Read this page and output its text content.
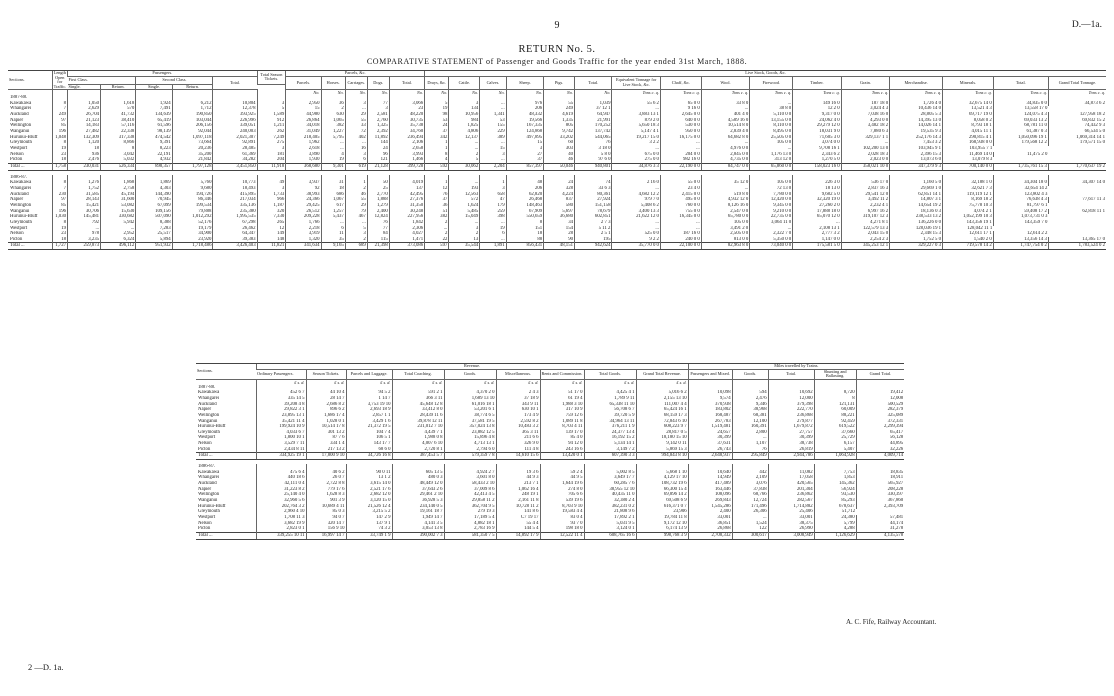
9	D.—1a.
RETURN No. 5.
COMPARATIVE STATEMENT of Passenger and Goods Traffic for the year ended 31st March, 1888.
Sections.	Length Open for Traffic.	Passengers.					Total Season Tickets.	Parcels, &c.					Live Stock, Goods, &c.															
		First Class.		Second Class.		Total.		Parcels.	Horses.	Carriages.	Dogs.	Total.	Drays, &c.	Cattle.	Calves.	Sheep.	Pigs.	Total.	Equivalent Tonnage for Live Stock, &c.	Chaff, &c.	Wool.	Firewood.	Timber.	Grain.	Merchandise.	Minerals.	Total.	Grand Total Tonnage.
		Single.	Return.	Single.	Return.																							
								No.	No.	No.	No.	No.	No.	No.	No.	No.	No.	No.	Tons c. q.	Tons c. q.	Tons c. q.	Tons c. q.	Tons c. q.	Tons c. q.	Tons c. q.	Tons c. q.	Tons c. q.	Tons c. q.
1887-88.																												
Kawakawa	8	1,050	1,618	1,924	6,212	10,804	3	2,950	36	3	77	3,066	5	3	...	976	55	1,039	55 6 2	65 0 0	33 8 0	...	149 16 0	187 18 0	1,726 4 0	32,675 14 0	34,835 0 0	34,873 6 2
Whangarei	7	2,629	570	7,491	1,712	12,378	5	15	2	...	3	23	19	134	...	206	249	37 12 1	...	9 16 0	...	38 8 0	12 2 0	3,024 4 3	10,436 14 0	13,521 4 3	13,558 17 0	
Auckland	249	26,704	41,732	134,639	190,850	393,925	1,589	44,980	630	29	2,581	48,220	98	10,956	1,341	48,332	4,619	64,947	3,883 13 1	2,645 0 0	401 4 0	5,110 0 0	9,317 0 0	7,038 16 0	28,805 5 3	69,717 19 0	124,075 4 3	127,958 18 2
Napier	97	21,123	38,410	65,419	103,044	226,996	912	26,864	1,065	55	2,760	30,735	53	984	53	19,566	1,335	21,991	879 2 0	640 0 0	4,589 16 0	13,155 0 0	24,062 4 0	4,293 0 0	14,395 13 0	8,058 0 2	69,033 13 2	69,832 15 2
Wellington	85	14,183	57,116	61,596	206,156	339,051	1,211	34,018	382	33	1,325	35,738	24	1,825	155	167,335	805	170,252	5,650 18 3	530 0 0	10,514 8 0	8,110 0 0	29,279 12 0	3,482 18 2	14,026 14 1	8,793 18 1	68,781 11 0	74,432 9 3
Wanganui	196	27,482	22,338	98,139	92,044	240,003	262	31,049	1,227	72	2,392	34,760	37	4,806	229	124,868	9,742	137,742	5,147 4 1	950 0 0	2,839 4 0	8,495 0 0	18,031 9 0	7,880 6 3	19,535 9 3	4,015 11 1	61,387 0 3	66,534 5 0
Hurunui-Bluff	1,048	132,309	317,338	474,542	1,097,118	2,021,307	7,249	218,405	5,795	402	11,892	236,494	342	12,137	389	497,895	33,202	544,065	19,217 15 0	16,175 0 0	64,682 8 0	25,505 0 0	71,605 3 0	329,137 1 1	252,176 14 3	290,815 4 1	1,050,096 19 1	1,069,314 14 1
Greymouth	8	1,120	8,866	9,391	73,664	92,891	275	1,962	...	...	144	2,106	1	...	...	15	60	76	3 2 2	...	...	105 0 0	3,074 0 0	...	7,453 3 2	168,938 0 0	179,568 12 2	179,571 15 0
Westport	19	18	8	8,223	20,236	28,485	3	2,618	...	16	24	2,658	1	...	15	3	303	3 18 0	...	...	4,976 0 0	...	9,708 16 1	102,200 13 0	103,945 9 1	103,955 7 1		
Nelson	23	936	3,042	22,191	35,200	61,369	181	3,890	4	3	96	3,993	8	2	3	27	40	5 8 0	675 0 0	204 0 0	2,845 0 0	1,176 13 0	2,343 6 2	2,028 18 3	2,396 15 3	11,469 14 0	11,475 2 0	
Picton	18	2,476	5,032	4,932	21,842	34,282	204	1,930	19	6	121	1,466	4	5	...	37	46	97 6 0	275 0 0	982 16 0	4,735 0 0	313 12 0	1,270 5 0	2,023 0 0	13,073 6 0	13,079 8 3		
Total ...	1,758	230,031	526,334	898,357	1,797,128	3,451,850	11,918	368,680	9,301	619	21,128	399,728	592	30,062	2,204	857,397	50,046	940,801	34,876 3 3	22,190 0 0	84,747 0 0	65,860 0 0	158,023 16 0	358,021 10 0	347,379 9 3	700,140 0 0	1,735,761 15 3	1,770,637 19 2

1886-87.																												
Kawakawa	8	1,276	1,868	1,869	5,760	10,773	49	3,937	31	1	50	4,019	1	...	1	48	24	74	2 16 0	55 0 0	35 12 0	105 0 0	226 3 0	536 17 0	1,160 5 0	32,188 1 0	34,304 18 0	34,307 14 0
Whangarei	7	1,752	2,758	4,303	9,680	18,493	3	92	18	2	25	137	12	193	3	206	328	33 6 3	...	23 4 0	...	72 13 0	18 13 0	2,837 16 3	29,669 1 0	32,621 7 3	32,654 14 2	
Auckland	230	31,585	45,194	144,390	194,726	415,895	1,733	38,993	686	46	2,770	42,495	76	12,563	658	62,820	4,224	80,361	4,682 12 2	2,415 0 0	519 8 0	7,780 0 0	9,682 5 0	29,541 12 0	62,851 14 1	119,119 12 1	123,802 4 3	
Napier	97	28,143	31,600	70,945	86,346	217,034	966	24,366	1,067	55	1,888	27,376	37	572	47	26,468	837	27,924	979 7 0	495 0 0	4,932 12 0	12,420 0 0	32,320 19 0	3,492 11 2	14,807 3 1	8,169 18 2	76,638 4 3	77,617 11 3
Wellington	85	15,421	53,082	67,099	199,534	335,136	1,187	29,425	617	29	1,279	31,350	36	1,624	179	148,463	580	151,158	5,408 6 2	760 0 0	8,126 16 0	9,345 0 0	27,260 2 0	2,232 4 1	14,654 19 2	75,778 10 3	81,797 6 1	
Wanganui	196	30,706	15,630	109,156	79,888	235,380	320	26,512	1,257	79	2,400	30,248	51	5,485	259	67,909	5,697	78,679	3,400 13 3	755 0 0	2,547 0 0	9,210 0 0	17,888 18 0	6,997 16 2	18,136 0 3	4,074 2 1	59,408 17 2	62,818 11 1
Hurunui-Bluff	1,030	145,481	330,682	507,090	1,012,292	1,995,535	7,330	209,228	5,437	467	12,824	227,956	382	15,049	398	550,659	36,680	602,851	21,622 12 0	16,345 0 0	65,780 0 0	22,735 0 0	65,070 12 0	319,107 12 3	238,533 13 2	1,052,199 10 3	1,073,731 0 3	
Greymouth	8	792	5,942	8,388	52,176	67,298	265	1,766	...	...	76	1,842	2	...	...	8	34	2 7 3	...	...	105 0 0	3,064 11 0	...	4,271 8 1	136,226 0 0	143,356 19 1	143,359 7 0	
Westport	19	...	...	7,283	19,179	26,462	12	2,218	6	5	77	2,306	...	3	19	151	154	5 11 2	...	...	3,491 2 0	...	2,108 13 1	122,579 13 3	128,036 19 1	128,042 11 1		
Nelson	23	978	2,952	25,517	34,900	64,347	149	3,919	11	3	84	4,027	2	2	6	18	28	2 5 1	525 0 0	187 16 0	2,505 0 0	2,322 7 0	2,777 3 2	2,043 15 0	2,348 15 3	12,611 17 1	12,614 2 2	
Picton	18	3,235	6,324	5,894	23,920	39,383	148	1,320	35	2	115	1,471	22	13	...	88	90	195	9 2 2	240 0 0	813 0 0	5,350 0 0	1,147 0 0	2,254 2 3	1,752 5 0	1,540 2 0	13,356 14 3	13,365 17 0
Total ...	1,727	259,873	496,112	951,932	1,718,486	3,426,403	11,821	341,634	9,165	689	21,398	373,086	597	35,544	1,891	856,431	48,151	942,624	35,770 0 0	22,100 0 0	82,963 8 0	73,040 0 0	175,581 5 0	345,253 12 1	329,227 0 3	719,578 14 2	1,747,754 0 2	1,783,524 0 2
Sections.	Revenue.									Miles travelled by Trains.				
	Ordinary Passengers.	Season Tickets.	Parcels and Luggage.	Total Coaching.	Goods.	Miscellaneous.	Rents and Commission.	Total Goods.	Grand Total Revenue.	Passengers and Mixed.	Goods.	Total.	Shunting and Ballasting.	Grand Total.
	£ s. d.	£ s. d.	£ s. d.	£ s. d.	£ s. d.	£ s. d.	£ s. d.	£ s. d.	£ s. d.					
1887-88.														
Kawakawa	452 6 7	44 10 4	94 5 2	591 2 1	4,370 2 0	2 4 3	51 17 0	4,425 4 1	5,016 6 2	10,098	594	10,692	8,720	19,412
Whangarei	335 14 5	28 14 7	1 14 7	366 3 11	1,689 13 10	37 18 9	61 19 4	1,789 9 11	2,155 13 10	9,574	2,476	12,000	8	12,008
Auckland	39,208 4 8	2,686 8 2	3,753 19 10	45,648 12 8	61,016 18 1	343 9 11	1,988 3 10	65,338 11 10	111,007 4 4	370,938	9,346	379,398	121,131	500,529
Napier	29,822 3 1	896 6 2	2,693 18 9	33,412 8 0	53,201 6 1	630 10 1	317 10 9	56,708 6 7	65,424 16 1	183,802	38,968	222,770	60,009	282,379
Wellington	23,895 13 1	1,686 17 4	2,857 1 1	28,439 11 6	38,774 6 5	173 4 9	759 12 6	39,720 5 9	68,159 17 3	168,487	68,381	236,868	88,221	325,089
Wanganui	35,421 11 4	1,028 0 1	3,429 1 6	39,878 12 11	37,581 19 5	2,592 8 2	1,089 11 8	34,964 13 11	72,843 6 10	267,783	12,100	279,877	92,459	372,331
Hurunui-Bluff	199,924 10 9	10,514 17 8	21,372 19 5	231,012 7 10	357,024 13 8	10,483 3 2	8,703 4 11	376,211 1 9	608,223 9 7	1,519,481	160,391	1,679,872	619,522	2,299,394
Greymouth	4,033 6 7	301 13 2	104 7 4	4,439 7 1	23,882 12 5	365 3 11	139 17 0	24,377 13 4	28,817 0 5	24,657	2,800	27,757	37,660	65,417
Westport	1,800 10 1	87 7 6	106 5 1	1,988 0 8	15,896 4 8	211 6 6	85 4 0	16,192 15 2	18,180 15 10	30,399	...	30,399	25,729	56,128
Nelson	3,529 7 11	334 1 4	143 17 7	4,007 6 10	4,713 13 1	326 9 0	94 12 0	5,134 14 1	9,142 0 11	37,631	1,107	38,738	6,157	44,895
Picton	2,434 8 11	217 13 2	68 6 0	2,720 8 1	2,794 6 0	111 4 8	243 16 6	3,149 7 2	5,869 15 3	26,743	76	26,819	5,407	32,226
Total ...	334,925 19 1	17,800 9 10	34,726 16 8	387,453 5 7	579,359 7 8	14,610 15 6	13,420 0 1	607,390 3 3	994,843 8 10	2,648,937	295,849	2,944,786	1,064,928	4,009,714

1886-87.														
Kawakawa	475 6 4	40 6 2	90 0 11	605 13 5	4,924 2 7	19 3 6	59 2 4	5,002 8 5	5,668 1 10	10,640	442	11,082	7,753	18,835
Whangarei	440 18 6	26 0 7	13 1 2	480 0 3	3,601 8 0	44 9 3	44 9 5	3,649 17 7	4,129 17 10	14,949	2,109	17,058	1,853	18,911
Auckland	42,111 0 4	2,722 8 8	3,615 14 0	48,449 12 0	58,433 2 10	213 7 1	1,644 19 6	60,285 7 6	108,732 19 6	417,489	3,076	420,565	145,362	565,927
Napier	31,223 8 2	779 17 6	2,521 17 6	37,643 2 6	37,009 8 6	1,062 16 4	274 8 0	38,955 12 10	66,300 15 4	163,446	37,838	201,304	56,924	208,228
Wellington	25,140 4 0	1,628 8 3	2,682 12 0	29,461 2 10	42,413 4 5	248 19 1	705 6 6	40,435 11 0	69,896 14 2	108,096	68,766	236,862	93,530	330,397
Wanganui	32,960 5 6	901 3 9	3,120 15 0	36,928 5 3	29,858 11 2	2,161 11 8	539 19 6	32,380 2 4	69,508 6 9	269,843	12,724	282,567	85,293	367,860
Hurunui-Bluff	202,764 3 2	10,689 4 11	21,526 12 4	234,140 0 5	362,704 9 5	10,728 11 2	8,703 9 10	382,231 0 2	616,371 0 7	1,545,286	171,496	1,714,882	678,637	2,393,709
Greymouth	2,960 4 10	85 0 3	3,215 5 2	19,161 18 7	279 19 3	141 8 6	19,583 4 4	21,808 9 6	23,906	2,400	26,306	25,406	51,712	
Westport	1,708 11 3	94 0 7	147 2 9	1,949 14 7	17,189 5 4	C7 19 17	83 0 4	17,892 2 1	19,784 11 8	33,001	...	33,001	24,380	57,481
Nelson	3,682 19 9	320 14 7	137 9 1	4,141 3 5	4,882 18 1	55 4 4	93 7 0	5,031 9 5	9,172 12 10	36,851	1,524	38,375	5,799	44,174
Picton	2,823 0 1	156 9 10	74 3 2	3,053 13 8	2,783 16 9	144 5 4	198 18 0	3,124 0 1	6,174 13 9	26,868	122	26,990	4,288	31,278
Total ...	339,255 10 11	16,997 14 7	33,749 1 9	390,002 7 3	581,350 7 5	14,892 17 9	12,522 11 4	608,765 16 6	998,768 3 9	2,708,332	300,617	3,008,949	1,126,629	4,135,578
A. C. Fife, Railway Accountant.
2 —D. 1a.
